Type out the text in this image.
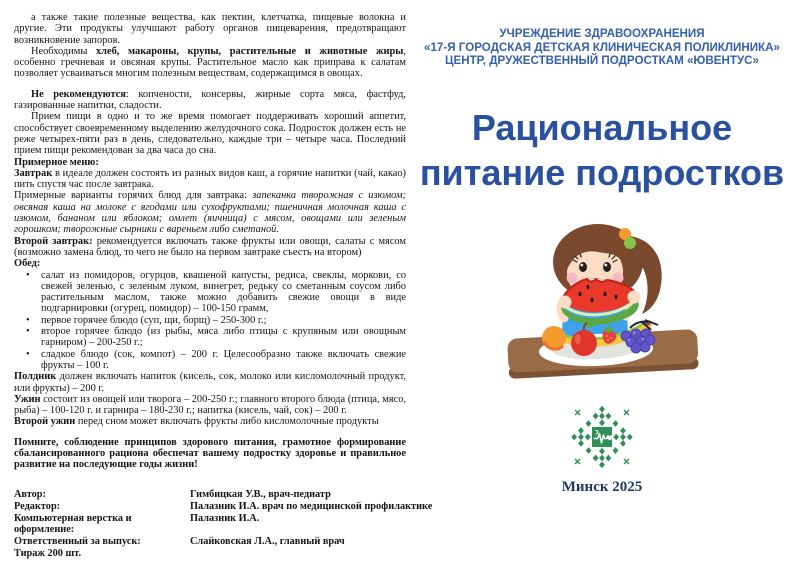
а также такие полезные вещества, как пектин, клетчатка, пищевые волокна и другие. Эти продукты улучшают работу органов пищеварения, предотвращают возникновение запоров.

Необходимы хлеб, макароны, крупы, растительные и животные жиры, особенно гречневая и овсяная крупы. Растительное масло как приправа к салатам позволяет усваиваться многим полезным веществам, содержащимся в овощах.

Не рекомендуются: копчености, консервы, жирные сорта мяса, фастфуд, газированные напитки, сладости.

Прием пищи в одно и то же время помогает поддерживать хороший аппетит, способствует своевременному выделению желудочного сока. Подросток должен есть не реже четырех-пяти раз в день, следовательно, каждые три – четыре часа. Последний прием пищи рекомендован за два часа до сна.

Примерное меню:

Завтрак в идеале должен состоять из разных видов каш, а горячие напитки (чай, какао) пить спустя час после завтрака.

Примерные варианты горячих блюд для завтрака: запеканка творожная с изюмом; овсяная каша на молоке с ягодами или сухофруктами; пшеничная молочная каша с изюмом, бананом или яблоком; омлет (яичница) с мясом, овощами или зеленым горошком; творожные сырники с вареньем либо сметаной.

Второй завтрак: рекомендуется включать также фрукты или овощи, салаты с мясом (возможно замена блюд, то чего не было на первом завтраке съесть на втором)

Обед:

• салат из помидоров, огурцов, квашеной капусты, редиса, свеклы, моркови, со свежей зеленью, с зеленым луком, винегрет, редьку со сметанным соусом либо растительным маслом, также можно добавить свежие овощи в виде подгарнировки (огурец, помидор) – 100-150 грамм,
• первое горячее блюдо (суп, щи, борщ) – 250-300 г.;
• второе горячее блюдо (из рыбы, мяса либо птицы с крупяным или овощным гарниром) – 200-250 г.;
• сладкое блюдо (сок, компот) – 200 г. Целесообразно также включать свежие фрукты – 100 г.

Полдник должен включать напиток (кисель, сок, молоко или кисломолочный продукт, или фрукты) – 200 г.

Ужин состоит из овощей или творога – 200-250 г.; главного второго блюда (птица, мясо, рыба) – 100-120 г. и гарнира – 180-230 г.; напитка (кисель, чай, сок) – 200 г.

Второй ужин перед сном может включать фрукты либо кисломолочные продукты

Помните, соблюдение принципов здорового питания, грамотное формирование сбалансированного рациона обеспечат вашему подростку здоровье и правильное развитие на последующие годы жизни!

Автор:	Гимбицкая У.В., врач-педиатр
Редактор:	Палазник И.А. врач по медицинской профилактике
Компьютерная верстка и оформление:
Палазник И.А.
Ответственный за выпуск:	Слайковская Л.А., главный врач
Тираж 200 шт.
УЧРЕЖДЕНИЕ ЗДРАВООХРАНЕНИЯ
«17-Я ГОРОДСКАЯ ДЕТСКАЯ КЛИНИЧЕСКАЯ ПОЛИКЛИНИКА»
ЦЕНТР, ДРУЖЕСТВЕННЫЙ ПОДРОСТКАМ «ЮВЕНТУС»
Рациональное
питание подростков
Минск 2025
